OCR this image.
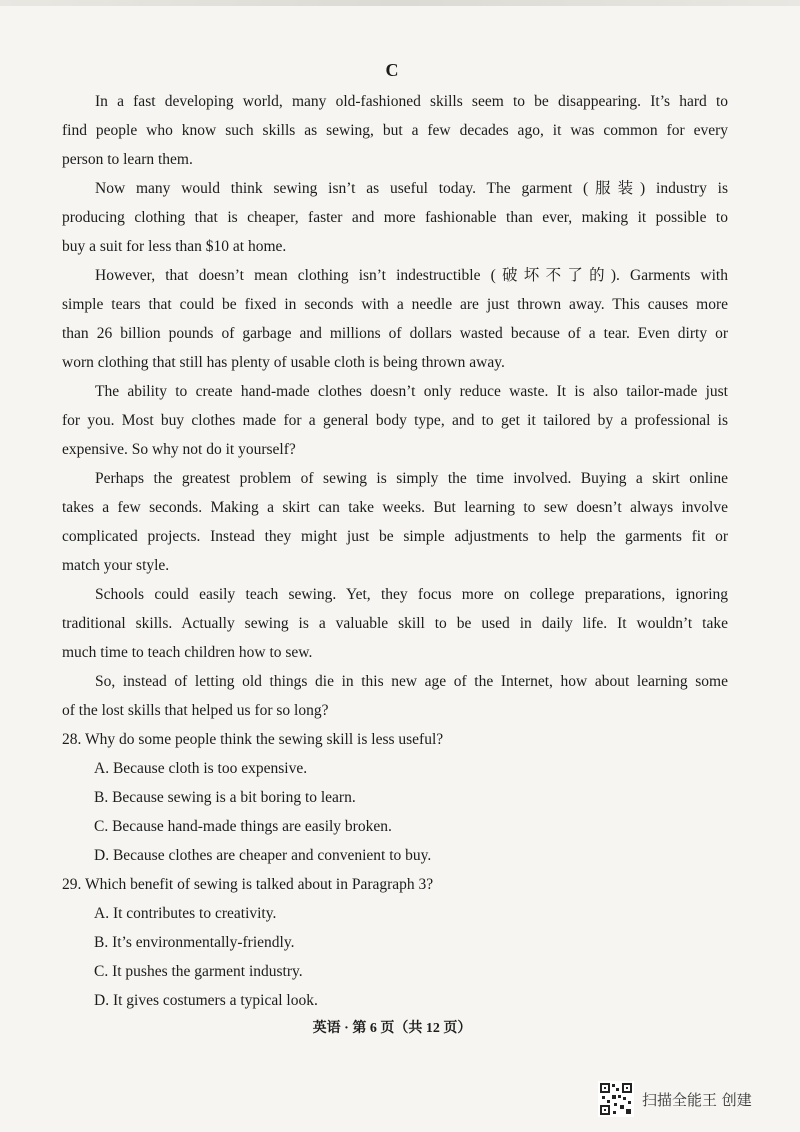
C
In a fast developing world, many old-fashioned skills seem to be disappearing. It’s hard to
find people who know such skills as sewing, but a few decades ago, it was common for every
person to learn them.
Now many would think sewing isn’t as useful today. The garment (服装) industry is
producing clothing that is cheaper, faster and more fashionable than ever, making it possible to
buy a suit for less than $10 at home.
However, that doesn’t mean clothing isn’t indestructible (破坏不了的). Garments with
simple tears that could be fixed in seconds with a needle are just thrown away. This causes more
than 26 billion pounds of garbage and millions of dollars wasted because of a tear. Even dirty or
worn clothing that still has plenty of usable cloth is being thrown away.
The ability to create hand-made clothes doesn’t only reduce waste. It is also tailor-made just
for you. Most buy clothes made for a general body type, and to get it tailored by a professional is
expensive. So why not do it yourself?
Perhaps the greatest problem of sewing is simply the time involved. Buying a skirt online
takes a few seconds. Making a skirt can take weeks. But learning to sew doesn’t always involve
complicated projects. Instead they might just be simple adjustments to help the garments fit or
match your style.
Schools could easily teach sewing. Yet, they focus more on college preparations, ignoring
traditional skills. Actually sewing is a valuable skill to be used in daily life. It wouldn’t take
much time to teach children how to sew.
So, instead of letting old things die in this new age of the Internet, how about learning some
of the lost skills that helped us for so long?
28. Why do some people think the sewing skill is less useful?
A. Because cloth is too expensive.
B. Because sewing is a bit boring to learn.
C. Because hand-made things are easily broken.
D. Because clothes are cheaper and convenient to buy.
29. Which benefit of sewing is talked about in Paragraph 3?
A. It contributes to creativity.
B. It’s environmentally-friendly.
C. It pushes the garment industry.
D. It gives costumers a typical look.
英语 · 第 6 页（共 12 页）
扫描全能王 创建
